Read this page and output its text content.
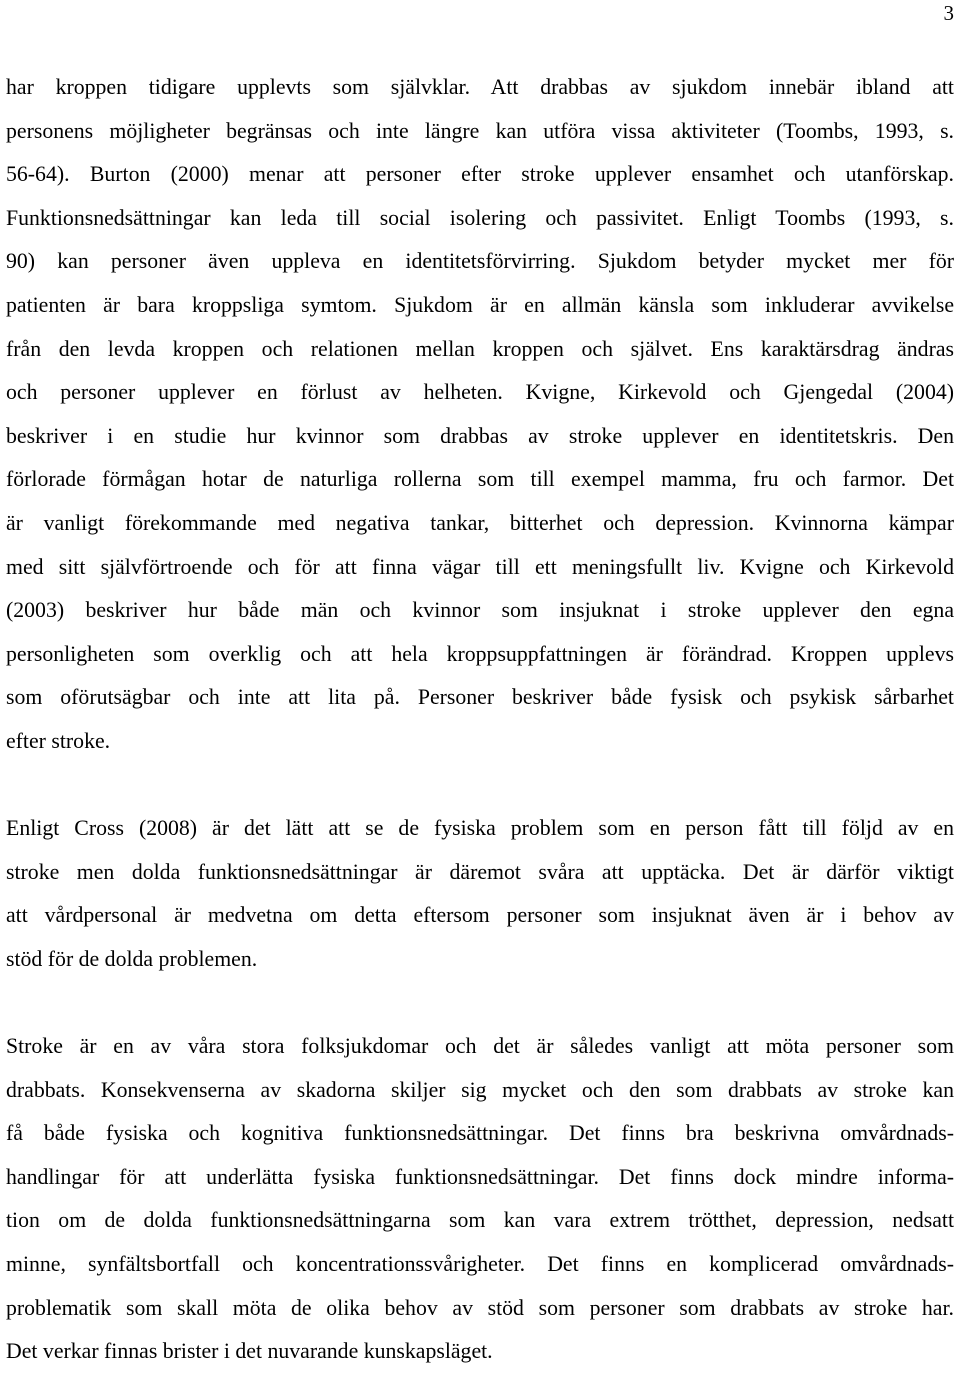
3
har kroppen tidigare upplevts som självklar. Att drabbas av sjukdom innebär ibland att
personens möjligheter begränsas och inte längre kan utföra vissa aktiviteter (Toombs, 1993, s.
56-64). Burton (2000) menar att personer efter stroke upplever ensamhet och utanförskap.
Funktionsnedsättningar kan leda till social isolering och passivitet. Enligt Toombs (1993, s.
90) kan personer även uppleva en identitetsförvirring. Sjukdom betyder mycket mer för
patienten är bara kroppsliga symtom. Sjukdom är en allmän känsla som inkluderar avvikelse
från den levda kroppen och relationen mellan kroppen och självet. Ens karaktärsdrag ändras
och personer upplever en förlust av helheten. Kvigne, Kirkevold och Gjengedal (2004)
beskriver i en studie hur kvinnor som drabbas av stroke upplever en identitetskris. Den
förlorade förmågan hotar de naturliga rollerna som till exempel mamma, fru och farmor. Det
är vanligt förekommande med negativa tankar, bitterhet och depression. Kvinnorna kämpar
med sitt självförtroende och för att finna vägar till ett meningsfullt liv. Kvigne och Kirkevold
(2003) beskriver hur både män och kvinnor som insjuknat i stroke upplever den egna
personligheten som overklig och att hela kroppsuppfattningen är förändrad. Kroppen upplevs
som oförutsägbar och inte att lita på. Personer beskriver både fysisk och psykisk sårbarhet
efter stroke.
Enligt Cross (2008) är det lätt att se de fysiska problem som en person fått till följd av en
stroke men dolda funktionsnedsättningar är däremot svåra att upptäcka. Det är därför viktigt
att vårdpersonal är medvetna om detta eftersom personer som insjuknat även är i behov av
stöd för de dolda problemen.
Stroke är en av våra stora folksjukdomar och det är således vanligt att möta personer som
drabbats. Konsekvenserna av skadorna skiljer sig mycket och den som drabbats av stroke kan
få både fysiska och kognitiva funktionsnedsättningar. Det finns bra beskrivna omvårdnads-
handlingar för att underlätta fysiska funktionsnedsättningar. Det finns dock mindre informa-
tion om de dolda funktionsnedsättningarna som kan vara extrem trötthet, depression, nedsatt
minne, synfältsbortfall och koncentrationssvårigheter. Det finns en komplicerad omvårdnads-
problematik som skall möta de olika behov av stöd som personer som drabbats av stroke har.
Det verkar finnas brister i det nuvarande kunskapsläget.
